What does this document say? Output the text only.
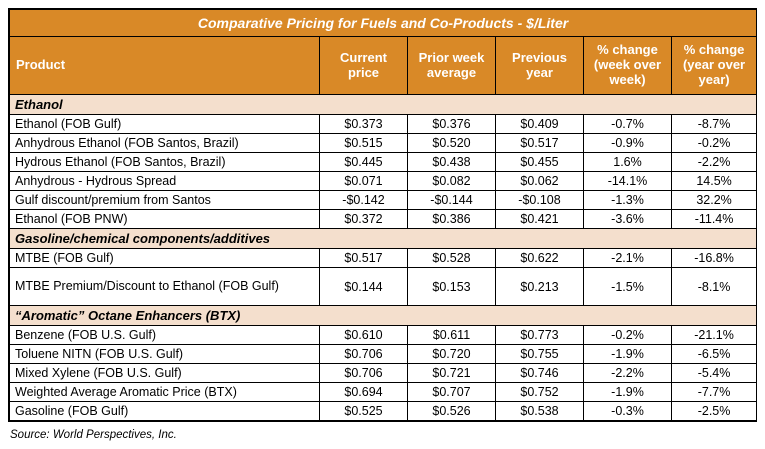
Comparative Pricing for Fuels and Co-Products - $/Liter					
Product	Current price	Prior week average	Previous year	% change (week over week)	% change (year over year)
Ethanol					
Ethanol (FOB Gulf)	$0.373	$0.376	$0.409	-0.7%	-8.7%
Anhydrous Ethanol (FOB Santos, Brazil)	$0.515	$0.520	$0.517	-0.9%	-0.2%
Hydrous Ethanol (FOB Santos, Brazil)	$0.445	$0.438	$0.455	1.6%	-2.2%
Anhydrous - Hydrous Spread	$0.071	$0.082	$0.062	-14.1%	14.5%
Gulf discount/premium from Santos	-$0.142	-$0.144	-$0.108	-1.3%	32.2%
Ethanol (FOB PNW)	$0.372	$0.386	$0.421	-3.6%	-11.4%
Gasoline/chemical components/additives					
MTBE (FOB Gulf)	$0.517	$0.528	$0.622	-2.1%	-16.8%
MTBE Premium/Discount to Ethanol (FOB Gulf)	$0.144	$0.153	$0.213	-1.5%	-8.1%
“Aromatic” Octane Enhancers (BTX)					
Benzene (FOB U.S. Gulf)	$0.610	$0.611	$0.773	-0.2%	-21.1%
Toluene NITN (FOB U.S. Gulf)	$0.706	$0.720	$0.755	-1.9%	-6.5%
Mixed Xylene (FOB U.S. Gulf)	$0.706	$0.721	$0.746	-2.2%	-5.4%
Weighted Average Aromatic Price (BTX)	$0.694	$0.707	$0.752	-1.9%	-7.7%
Gasoline (FOB Gulf)	$0.525	$0.526	$0.538	-0.3%	-2.5%
Source: World Perspectives, Inc.
